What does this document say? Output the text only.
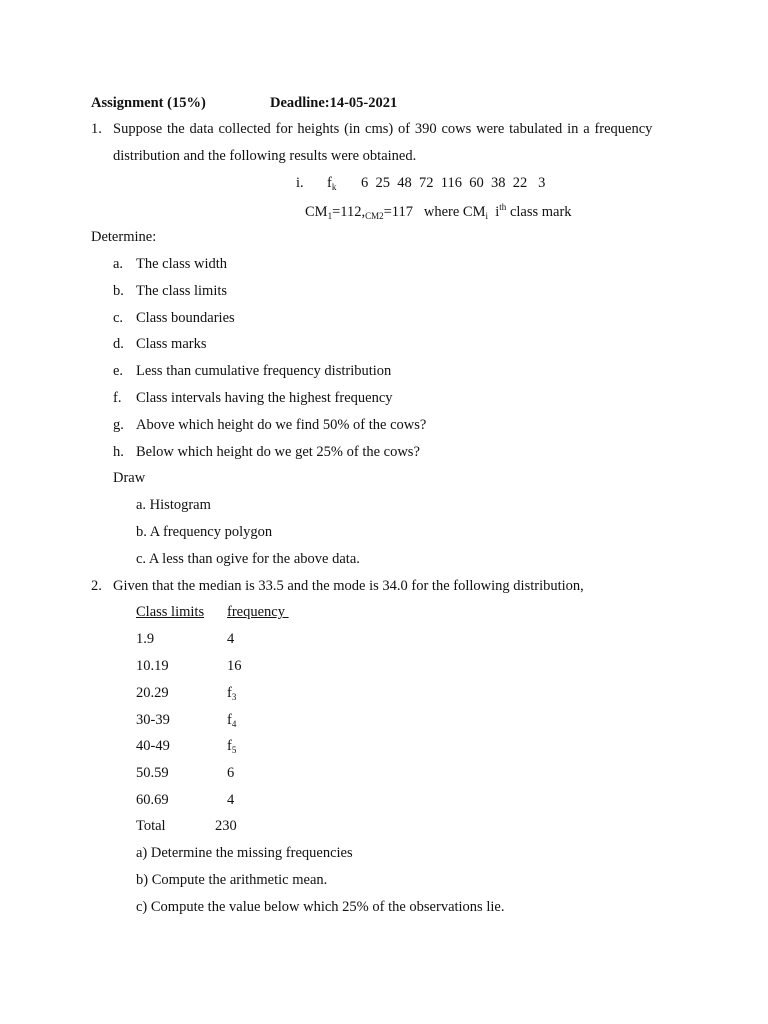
Assignment (15%)	Deadline:14-05-2021
1. Suppose the data collected for heights (in cms) of 390 cows were tabulated in a frequency
distribution and the following results were obtained.
i. $f_k$ 6  25  48  72  116  60  38  22   3
$CM_1=112,_{CM2}=117$ where $CM_i$ $i^{th}$ class mark
Determine:
a. The class width
b. The class limits
c. Class boundaries
d. Class marks
e. Less than cumulative frequency distribution
f. Class intervals having the highest frequency
g. Above which height do we find 50% of the cows?
h. Below which height do we get 25% of the cows?
Draw
a. Histogram
b. A frequency polygon
c. A less than ogive for the above data.
2. Given that the median is 33.5 and the mode is 34.0 for the following distribution,
Class limits frequency
1.9	4
10.19	16
20.29	$f_3$
30-39	$f_4$
40-49	$f_5$
50.59	6
60.69	4
Total	230
a) Determine the missing frequencies
b) Compute the arithmetic mean.
c) Compute the value below which 25% of the observations lie.
